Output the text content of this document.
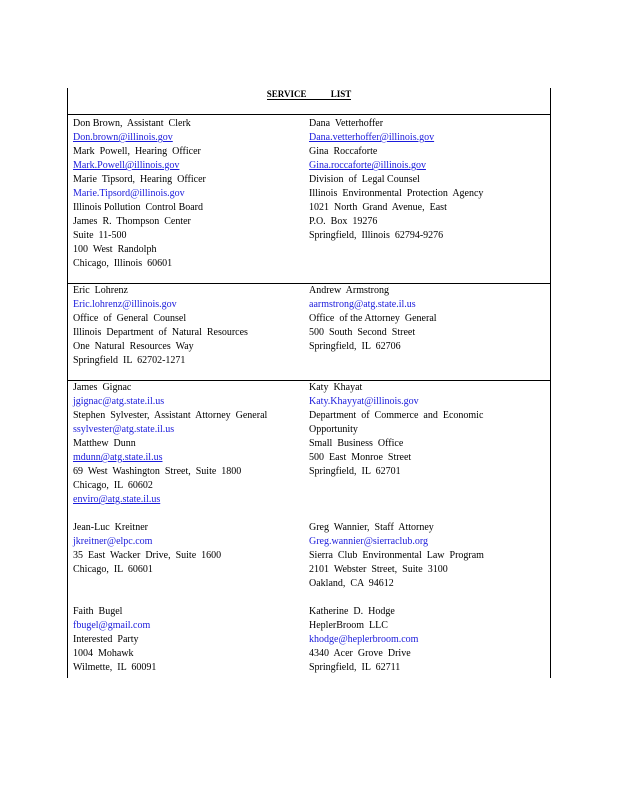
SERVICE LIST
Don Brown,  Assistant  Clerk
Don.brown@illinois.gov
Mark  Powell,  Hearing  Officer
Mark.Powell@illinois.gov
Marie  Tipsord,  Hearing  Officer
Marie.Tipsord@illinois.gov
Illinois Pollution  Control Board
James  R.  Thompson  Center
Suite  11-500
100  West  Randolph
Chicago,  Illinois  60601
Dana  Vetterhoffer
Dana.vetterhoffer@illinois.gov
Gina  Roccaforte
Gina.roccaforte@illinois.gov
Division  of  Legal Counsel
Illinois  Environmental  Protection  Agency
1021  North  Grand  Avenue,  East
P.O.  Box  19276
Springfield,  Illinois  62794-9276
Eric  Lohrenz
Eric.lohrenz@illinois.gov
Office  of  General  Counsel
Illinois  Department  of  Natural  Resources
One  Natural  Resources  Way
Springfield  IL  62702-1271
Andrew  Armstrong
aarmstrong@atg.state.il.us
Office  of the Attorney  General
500  South  Second  Street
Springfield,  IL  62706
James  Gignac
jgignac@atg.state.il.us
Stephen  Sylvester,  Assistant  Attorney  General
ssylvester@atg.state.il.us
Matthew  Dunn
mdunn@atg.state.il.us
69  West  Washington  Street,  Suite  1800
Chicago,  IL  60602
enviro@atg.state.il.us
Jean-Luc  Kreitner
jkreitner@elpc.com
35  East  Wacker  Drive,  Suite  1600
Chicago,  IL  60601
Faith  Bugel
fbugel@gmail.com
Interested  Party
1004  Mohawk
Wilmette,  IL  60091
Katy  Khayat
Katy.Khayyat@illinois.gov
Department  of  Commerce  and  Economic
Opportunity
Small  Business  Office
500  East  Monroe  Street
Springfield,  IL  62701
Greg  Wannier,  Staff  Attorney
Greg.wannier@sierraclub.org
Sierra  Club  Environmental  Law  Program
2101  Webster  Street,  Suite  3100
Oakland,  CA  94612
Katherine  D.  Hodge
HeplerBroom  LLC
khodge@heplerbroom.com
4340  Acer  Grove  Drive
Springfield,  IL  62711
